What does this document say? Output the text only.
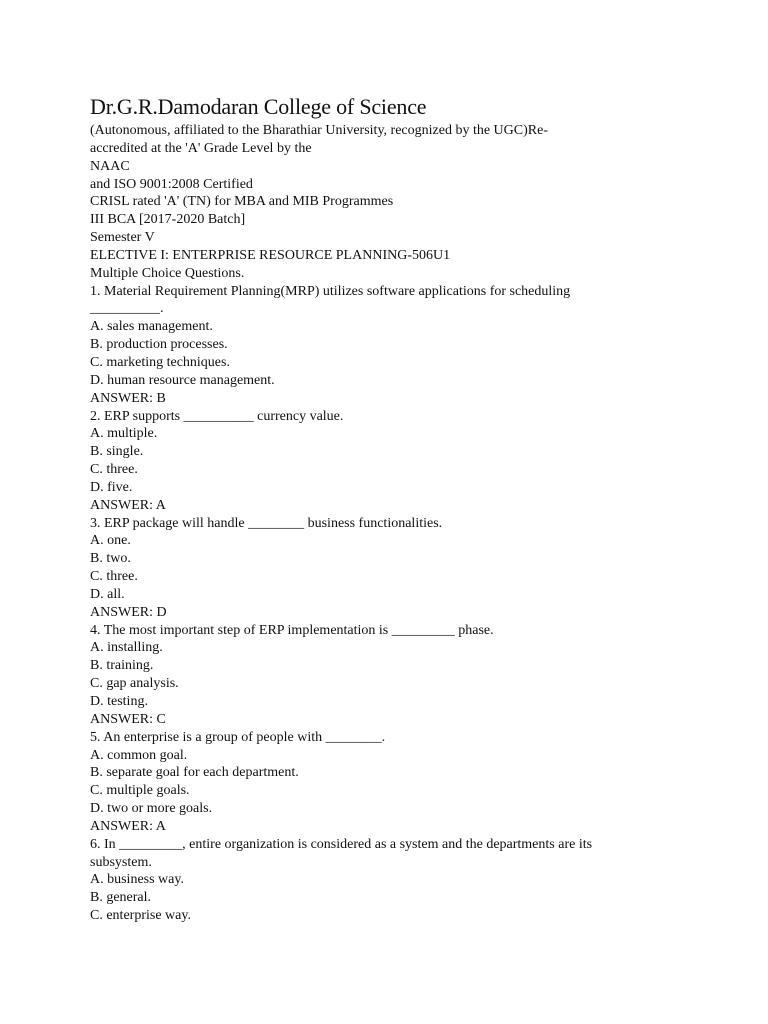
Dr.G.R.Damodaran College of Science

(Autonomous, affiliated to the Bharathiar University, recognized by the UGC)Re-

accredited at the 'A' Grade Level by the

NAAC

and ISO 9001:2008 Certified

CRISL rated 'A' (TN) for MBA and MIB Programmes

III BCA [2017-2020 Batch]

Semester V

ELECTIVE I: ENTERPRISE RESOURCE PLANNING-506U1

Multiple Choice Questions.

1. Material Requirement Planning(MRP) utilizes software applications for scheduling

__________.

A. sales management.

B. production processes.

C. marketing techniques.

D. human resource management.

ANSWER: B

2. ERP supports __________ currency value.

A. multiple.

B. single.

C. three.

D. five.

ANSWER: A

3. ERP package will handle ________ business functionalities.

A. one.

B. two.

C. three.

D. all.

ANSWER: D

4. The most important step of ERP implementation is _________ phase.

A. installing.

B. training.

C. gap analysis.

D. testing.

ANSWER: C

5. An enterprise is a group of people with ________.

A. common goal.

B. separate goal for each department.

C. multiple goals.

D. two or more goals.

ANSWER: A

6. In _________, entire organization is considered as a system and the departments are its

subsystem.

A. business way.

B. general.

C. enterprise way.
